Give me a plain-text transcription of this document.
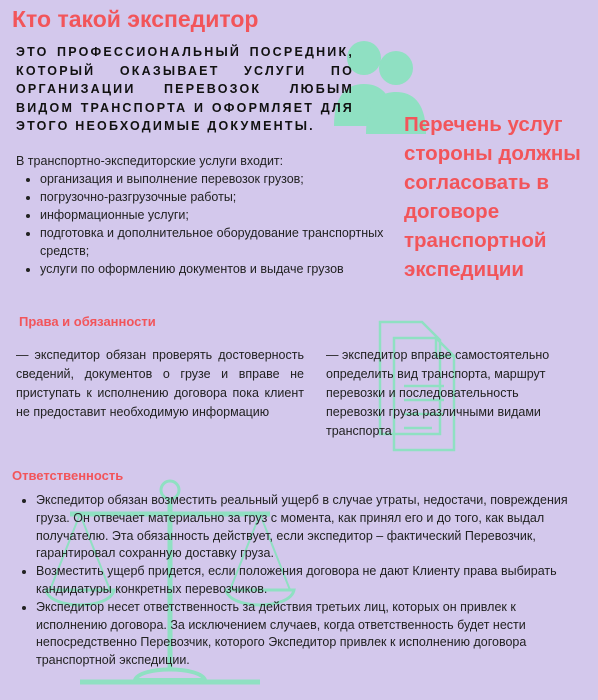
Кто такой экспедитор
ЭТО ПРОФЕССИОНАЛЬНЫЙ ПОСРЕДНИК, КОТОРЫЙ ОКАЗЫВАЕТ УСЛУГИ ПО ОРГАНИЗАЦИИ ПЕРЕВОЗОК ЛЮБЫМ ВИДОМ ТРАНСПОРТА И ОФОРМЛЯЕТ ДЛЯ ЭТОГО НЕОБХОДИМЫЕ ДОКУМЕНТЫ.
В транспортно-экспедиторские услуги входит:
• организация и выполнение перевозок грузов;
• погрузочно-разгрузочные работы;
• информационные услуги;
• подготовка и дополнительное оборудование транспортных средств;
• услуги по оформлению документов и выдаче грузов
Перечень услуг стороны должны согласовать в договоре транспортной экспедиции
Права и обязанности
— экспедитор обязан проверять достоверность сведений, документов о грузе и вправе не приступать к исполнению договора пока клиент не предоставит необходимую информацию
— экспедитор вправе самостоятельно определить вид транспорта, маршрут перевозки и последовательность перевозки груза различными видами транспорта
Ответственность
• Экспедитор обязан возместить реальный ущерб в случае утраты, недостачи, повреждения груза. Он отвечает материально за груз с момента, как принял его и до того, как выдал получателю. Эта обязанность действует, если экспедитор – фактический Перевозчик, гарантировал сохранную доставку груза.
• Возместить ущерб придется, если положения договора не дают Клиенту права выбирать кандидатуры конкретных перевозчиков.
• Экспедитор несет ответственность за действия третьих лиц, которых он привлек к исполнению договора. За исключением случаев, когда ответственность будет нести непосредственно Перевозчик, которого Экспедитор привлек к исполнению договора транспортной экспедиции.
